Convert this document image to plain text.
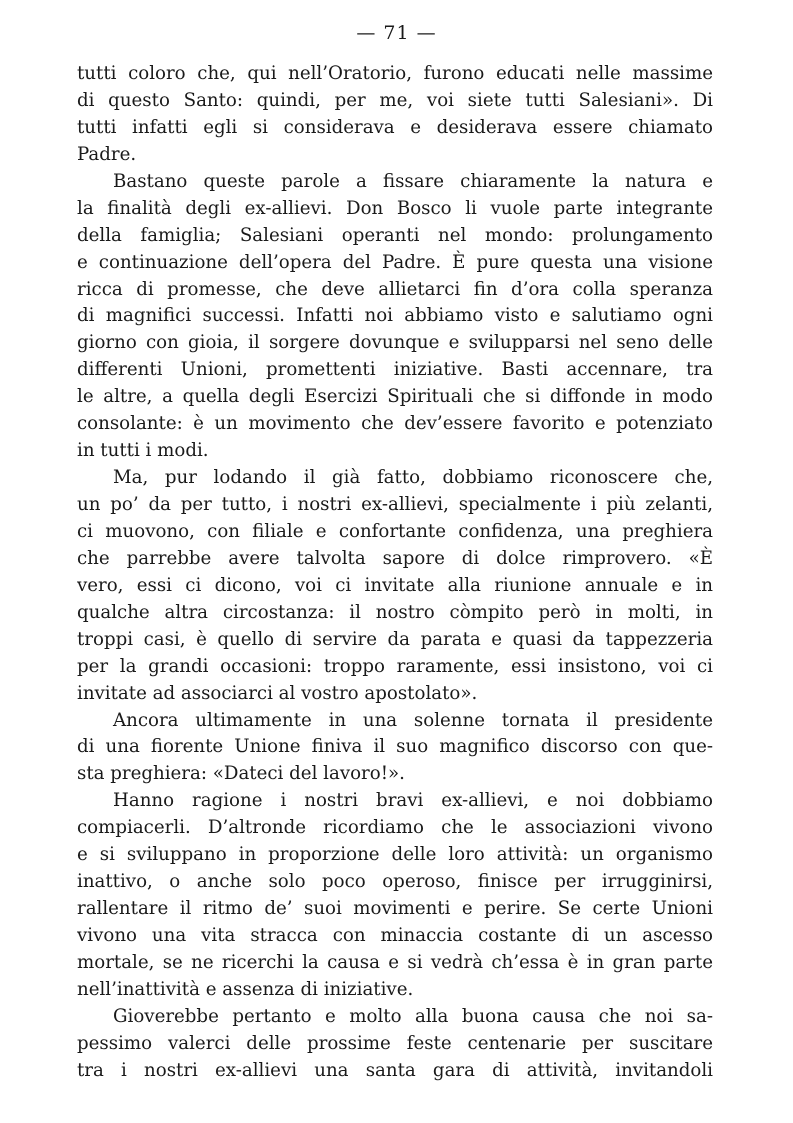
— 71 —
tutti coloro che, qui nell’Oratorio, furono educati nelle massime
di questo Santo: quindi, per me, voi siete tutti Salesiani». Di
tutti infatti egli si considerava e desiderava essere chiamato
Padre.
Bastano queste parole a fissare chiaramente la natura e
la finalità degli ex-allievi. Don Bosco li vuole parte integrante
della famiglia; Salesiani operanti nel mondo: prolungamento
e continuazione dell’opera del Padre. È pure questa una visione
ricca di promesse, che deve allietarci fin d’ora colla speranza
di magnifici successi. Infatti noi abbiamo visto e salutiamo ogni
giorno con gioia, il sorgere dovunque e svilupparsi nel seno delle
differenti Unioni, promettenti iniziative. Basti accennare, tra
le altre, a quella degli Esercizi Spirituali che si diffonde in modo
consolante: è un movimento che dev’essere favorito e potenziato
in tutti i modi.
Ma, pur lodando il già fatto, dobbiamo riconoscere che,
un po’ da per tutto, i nostri ex-allievi, specialmente i più zelanti,
ci muovono, con filiale e confortante confidenza, una preghiera
che parrebbe avere talvolta sapore di dolce rimprovero. «È
vero, essi ci dicono, voi ci invitate alla riunione annuale e in
qualche altra circostanza: il nostro còmpito però in molti, in
troppi casi, è quello di servire da parata e quasi da tappezzeria
per la grandi occasioni: troppo raramente, essi insistono, voi ci
invitate ad associarci al vostro apostolato».
Ancora ultimamente in una solenne tornata il presidente
di una fiorente Unione finiva il suo magnifico discorso con que-
sta preghiera: «Dateci del lavoro!».
Hanno ragione i nostri bravi ex-allievi, e noi dobbiamo
compiacerli. D’altronde ricordiamo che le associazioni vivono
e si sviluppano in proporzione delle loro attività: un organismo
inattivo, o anche solo poco operoso, finisce per irrugginirsi,
rallentare il ritmo de’ suoi movimenti e perire. Se certe Unioni
vivono una vita stracca con minaccia costante di un ascesso
mortale, se ne ricerchi la causa e si vedrà ch’essa è in gran parte
nell’inattività e assenza di iniziative.
Gioverebbe pertanto e molto alla buona causa che noi sa-
pessimo valerci delle prossime feste centenarie per suscitare
tra i nostri ex-allievi una santa gara di attività, invitandoli
